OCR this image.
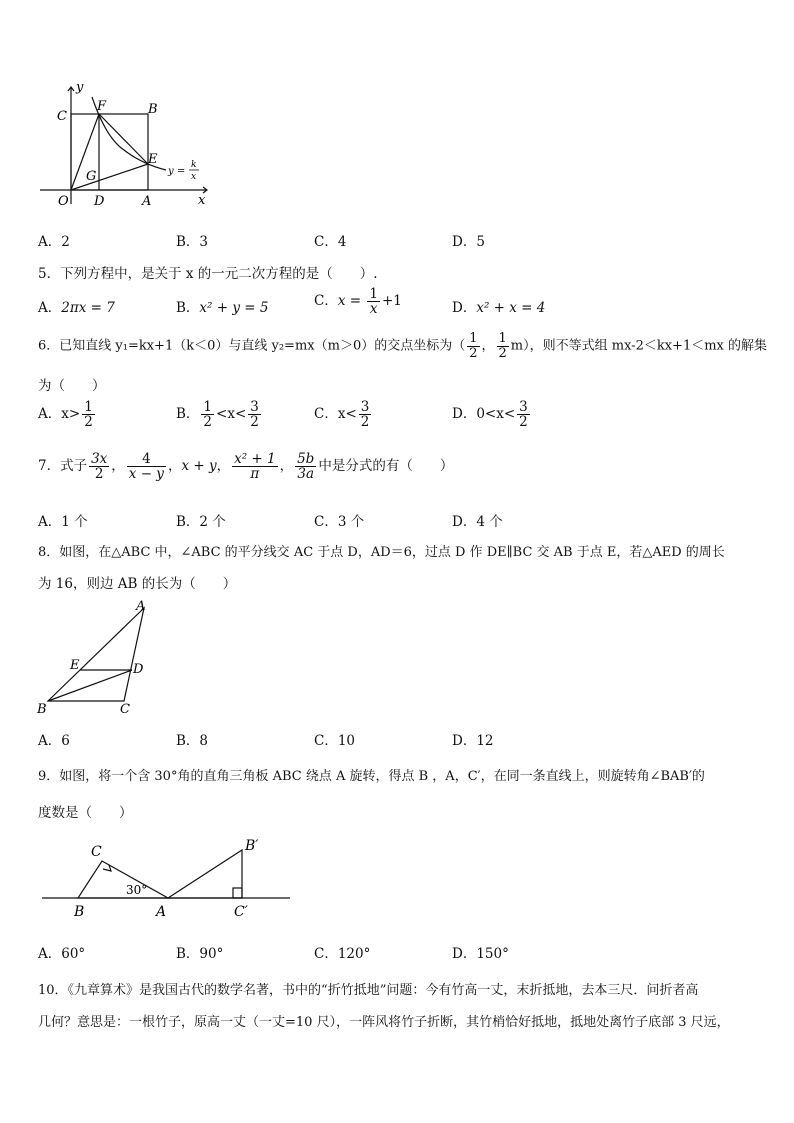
y
C
F	B
E
G
O D	A	x
y =
k
x
A．2	B．3	C．4	D．5
5．下列方程中，是关于 x 的一元二次方程的是（　　）.
A．2πx = 7	B．x² + y = 5	C．$x = \frac{1}{x} +1$	D．x² + x = 4
6．已知直线 y₁=kx+1（k＜0）与直线 y₂=mx（m＞0）的交点坐标为（ $\frac{1}{2}$ ， $\frac{1}{2} m$），则不等式组 mx-2＜kx+1＜mx 的解集
为（　　）
A．$x> \frac{1}{2}$	B． $\frac{1}{2} <x< \frac{3}{2}$	C．$x< \frac{3}{2}$	D．$0<x< \frac{3}{2}$
7．式子 $\frac{3x}{2}$ ， $\frac{4}{x - y}$ ，x + y， $\frac{\text{x² + 1}}{\pi}$ ， $\frac{5b}{3a}$ 中是分式的有（　　）
A．1 个	B．2 个	C．3 个	D．4 个
8．如图，在△ABC 中，∠ABC 的平分线交 AC 于点 D，AD＝6，过点 D 作 DE∥BC 交 AB 于点 E，若△AED 的周长
为 16，则边 AB 的长为（　　）
A
E	D
B	C
A．6	B．8	C．10	D．12
9．如图，将一个含 30°角的直角三角板 ABC 绕点 A 旋转，得点 B ，A，C′，在同一条直线上，则旋转角∠BAB′的
度数是（　　）
C
B	A
30°
B′
C′
A．60°	B．90°	C．120°	D．150°
10．《九章算术》是我国古代的数学名著，书中的“折竹抵地”问题：今有竹高一丈，末折抵地，去本三尺．问折者高
几何？意思是：一根竹子，原高一丈（一丈=10 尺），一阵风将竹子折断，其竹梢恰好抵地，抵地处离竹子底部 3 尺远，
